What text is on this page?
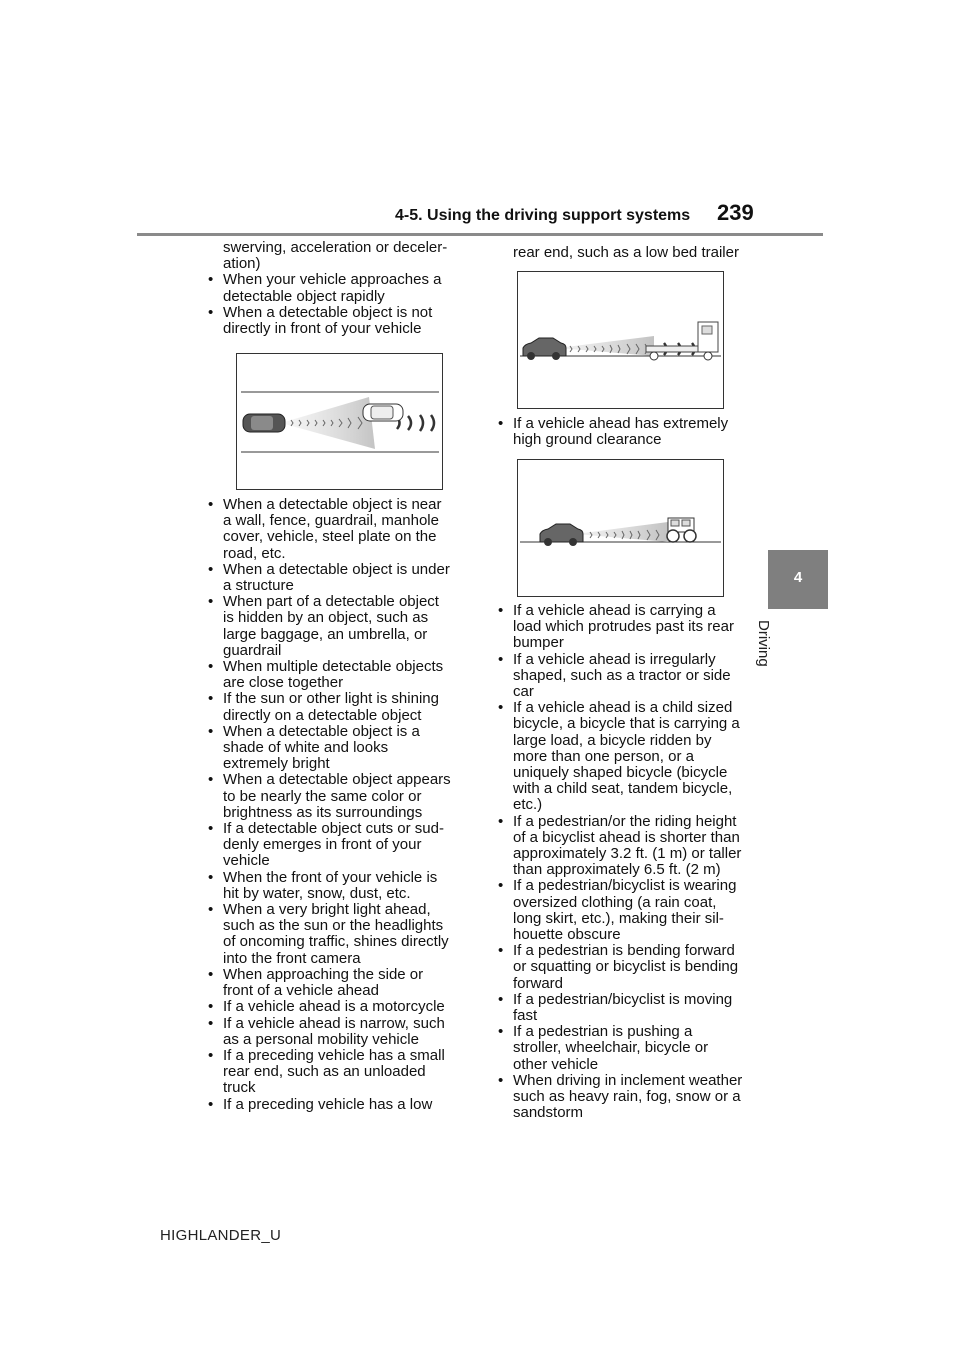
4-5. Using the driving support systems 239
4
Driving
swerving, acceleration or deceler-
ation)
• When your vehicle approaches a
detectable object rapidly
• When a detectable object is not
directly in front of your vehicle
• When a detectable object is near
a wall, fence, guardrail, manhole
cover, vehicle, steel plate on the
road, etc.
• When a detectable object is under
a structure
• When part of a detectable object
is hidden by an object, such as
large baggage, an umbrella, or
guardrail
• When multiple detectable objects
are close together
• If the sun or other light is shining
directly on a detectable object
• When a detectable object is a
shade of white and looks
extremely bright
• When a detectable object appears
to be nearly the same color or
brightness as its surroundings
• If a detectable object cuts or sud-
denly emerges in front of your
vehicle
• When the front of your vehicle is
hit by water, snow, dust, etc.
• When a very bright light ahead,
such as the sun or the headlights
of oncoming traffic, shines directly
into the front camera
• When approaching the side or
front of a vehicle ahead
• If a vehicle ahead is a motorcycle
• If a vehicle ahead is narrow, such
as a personal mobility vehicle
• If a preceding vehicle has a small
rear end, such as an unloaded
truck
• If a preceding vehicle has a low
rear end, such as a low bed trailer
• If a vehicle ahead has extremely
high ground clearance
• If a vehicle ahead is carrying a
load which protrudes past its rear
bumper
• If a vehicle ahead is irregularly
shaped, such as a tractor or side
car
• If a vehicle ahead is a child sized
bicycle, a bicycle that is carrying a
large load, a bicycle ridden by
more than one person, or a
uniquely shaped bicycle (bicycle
with a child seat, tandem bicycle,
etc.)
• If a pedestrian/or the riding height
of a bicyclist ahead is shorter than
approximately 3.2 ft. (1 m) or taller
than approximately 6.5 ft. (2 m)
• If a pedestrian/bicyclist is wearing
oversized clothing (a rain coat,
long skirt, etc.), making their sil-
houette obscure
• If a pedestrian is bending forward
or squatting or bicyclist is bending
forward
• If a pedestrian/bicyclist is moving
fast
• If a pedestrian is pushing a
stroller, wheelchair, bicycle or
other vehicle
• When driving in inclement weather
such as heavy rain, fog, snow or a
sandstorm
HIGHLANDER_U
